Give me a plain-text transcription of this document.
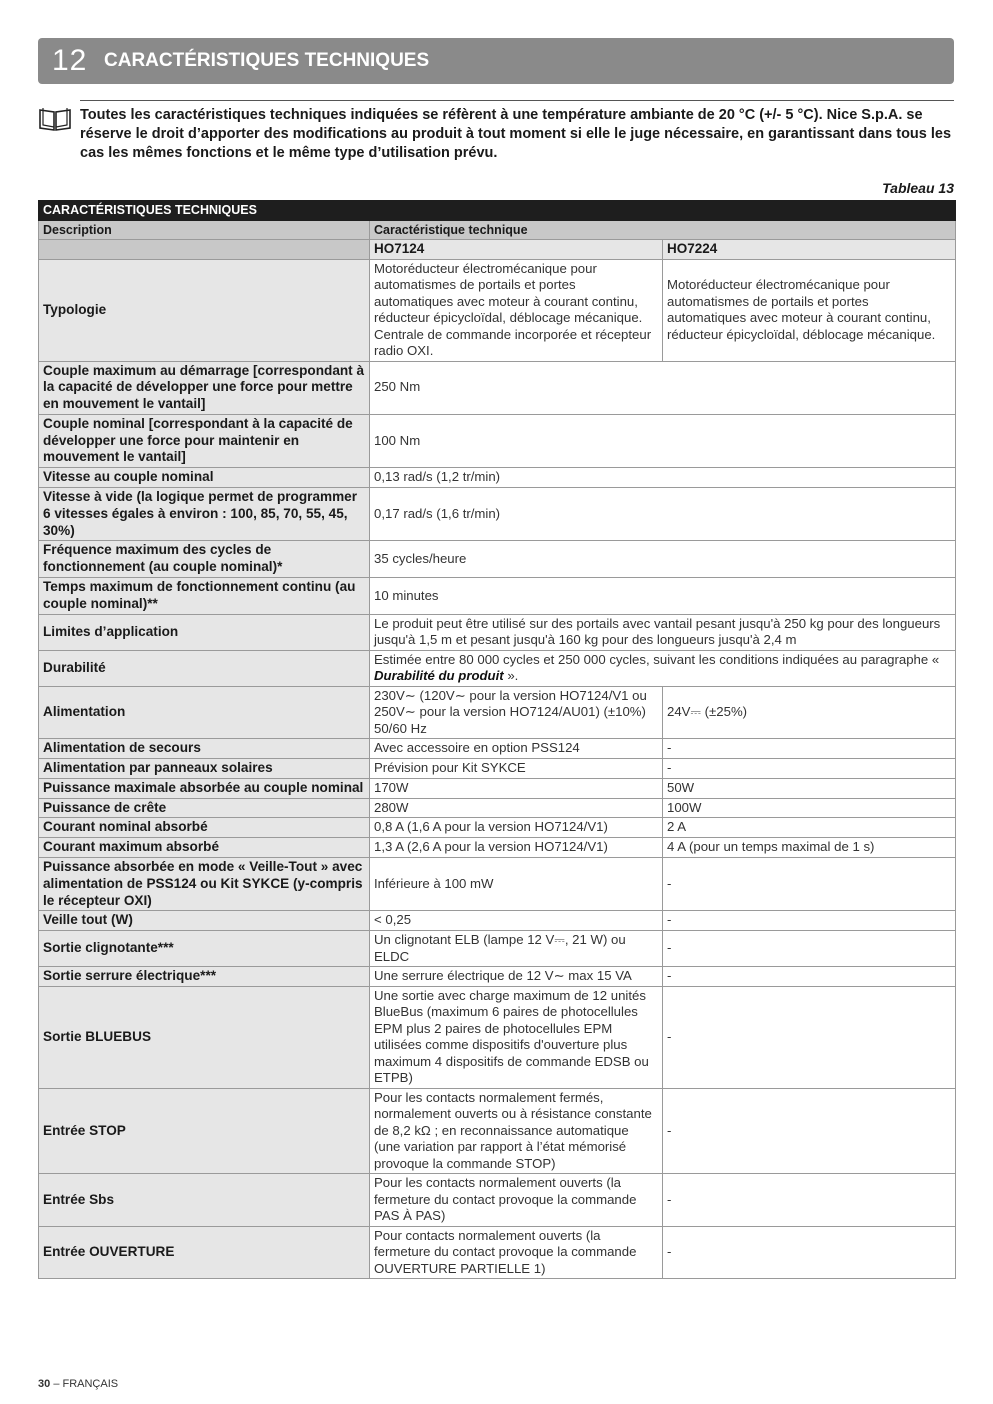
12 CARACTÉRISTIQUES TECHNIQUES
Toutes les caractéristiques techniques indiquées se réfèrent à une température ambiante de 20 °C (+/- 5 °C). Nice S.p.A. se réserve le droit d’apporter des modifications au produit à tout moment si elle le juge nécessaire, en garantissant dans tous les cas les mêmes fonctions et le même type d’utilisation prévu.
Tableau 13
CARACTÉRISTIQUES TECHNIQUES		
Description	Caractéristique technique	
	HO7124	HO7224
Typologie	Motoréducteur électromécanique pour automatismes de portails et portes automatiques avec moteur à courant continu, réducteur épicycloïdal, déblocage mécanique. Centrale de commande incorporée et récepteur radio OXI.	Motoréducteur électromécanique pour automatismes de portails et portes automatiques avec moteur à courant continu, réducteur épicycloïdal, déblocage mécanique.
Couple maximum au démarrage [correspondant à la capacité de développer une force pour mettre en mouvement le vantail]	250 Nm	
Couple nominal [correspondant à la capacité de développer une force pour maintenir en mouvement le vantail]	100 Nm	
Vitesse au couple nominal	0,13 rad/s (1,2 tr/min)	
Vitesse à vide (la logique permet de programmer 6 vitesses égales à environ : 100, 85, 70, 55, 45, 30%)	0,17 rad/s (1,6 tr/min)	
Fréquence maximum des cycles de fonctionnement (au couple nominal)*	35 cycles/heure	
Temps maximum de fonctionnement continu (au couple nominal)**	10 minutes	
Limites d’application	Le produit peut être utilisé sur des portails avec vantail pesant jusqu'à 250 kg pour des longueurs jusqu'à 1,5 m et pesant jusqu'à 160 kg pour des longueurs jusqu'à 2,4 m	
Durabilité	Estimée entre 80 000 cycles et 250 000 cycles, suivant les conditions indiquées au paragraphe « Durabilité du produit ».	
Alimentation	230V∼ (120V∼ pour la version HO7124/V1 ou 250V∼ pour la version HO7124/AU01) (±10%) 50/60 Hz	24V⎓ (±25%)
Alimentation de secours	Avec accessoire en option PSS124	-
Alimentation par panneaux solaires	Prévision pour Kit SYKCE	-
Puissance maximale absorbée au couple nominal	170W	50W
Puissance de crête	280W	100W
Courant nominal absorbé	0,8 A (1,6 A pour la version HO7124/V1)	2 A
Courant maximum absorbé	1,3 A (2,6 A pour la version HO7124/V1)	4 A (pour un temps maximal de 1 s)
Puissance absorbée en mode « Veille-Tout » avec alimentation de PSS124 ou Kit SYKCE (y-compris le récepteur OXI)	Inférieure à 100 mW	-
Veille tout (W)	< 0,25	-
Sortie clignotante***	Un clignotant ELB (lampe 12 V⎓, 21 W) ou ELDC	-
Sortie serrure électrique***	Une serrure électrique de 12 V∼ max 15 VA	-
Sortie BLUEBUS	Une sortie avec charge maximum de 12 unités BlueBus (maximum 6 paires de photocellules EPM plus 2 paires de photocellules EPM utilisées comme dispositifs d'ouverture plus maximum 4 dispositifs de commande EDSB ou ETPB)	-
Entrée STOP	Pour les contacts normalement fermés, normalement ouverts ou à résistance constante de 8,2 kΩ ; en reconnaissance automatique (une variation par rapport à l’état mémorisé provoque la commande STOP)	-
Entrée Sbs	Pour les contacts normalement ouverts (la fermeture du contact provoque la commande PAS À PAS)	-
Entrée OUVERTURE	Pour contacts normalement ouverts (la fermeture du contact provoque la commande OUVERTURE PARTIELLE 1)	-
30 – FRANÇAIS
